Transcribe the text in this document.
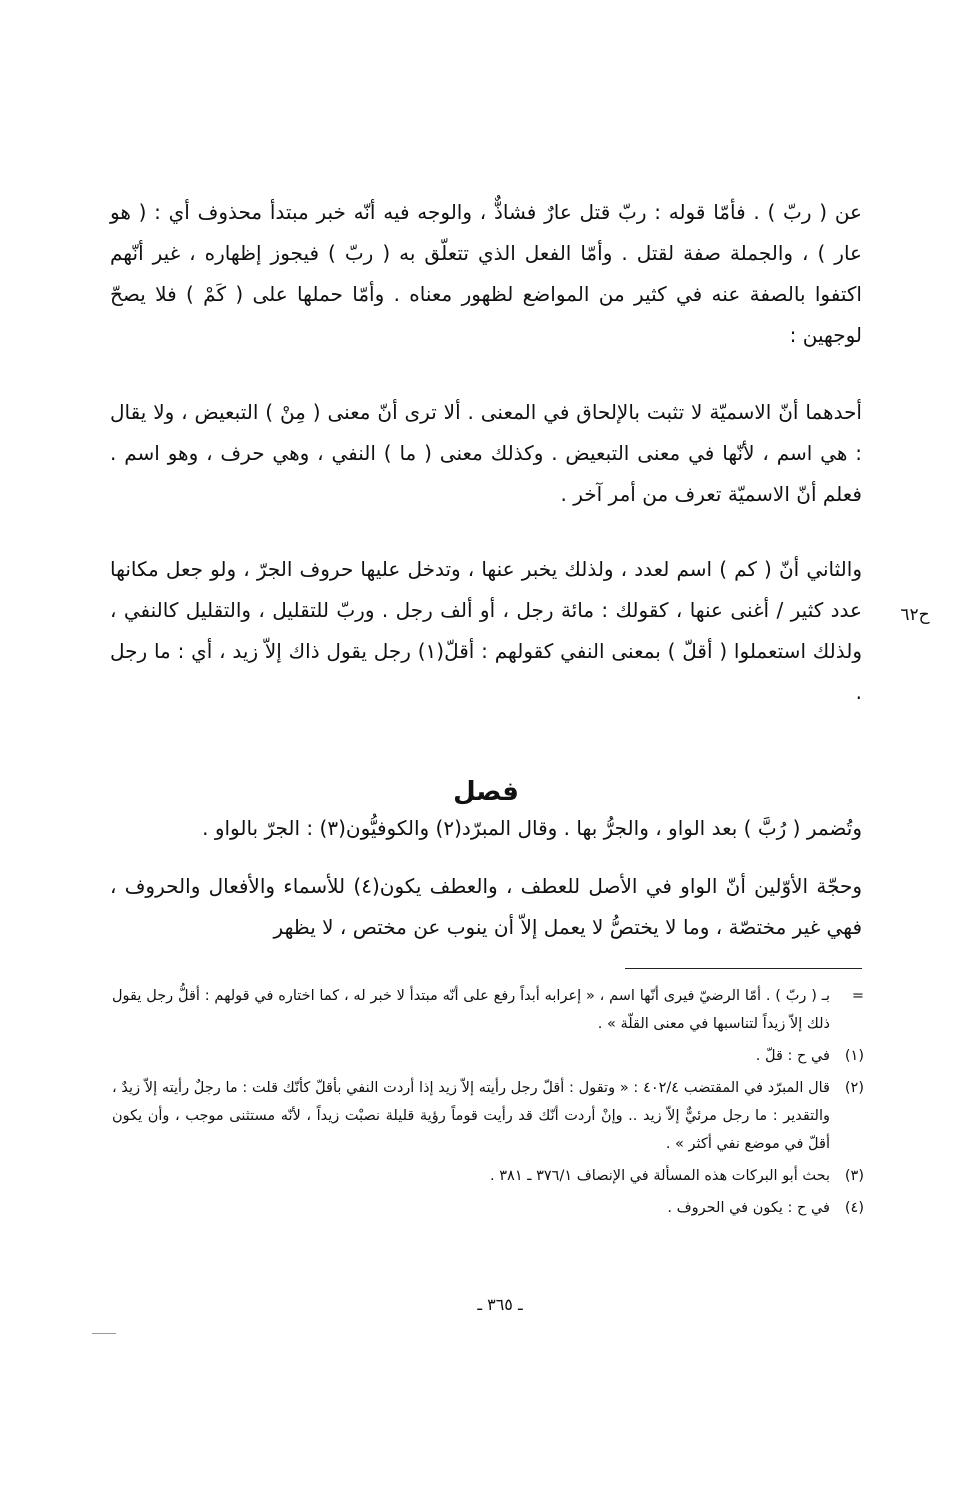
عن ( ربّ ) . فأمّا قوله : ربّ قتل عارٌ فشاذٌّ ، والوجه فيه أنّه خبر مبتدأ محذوف أي : ( هو عار ) ، والجملة صفة لقتل . وأمّا الفعل الذي تتعلّق به ( ربّ ) فيجوز إظهاره ، غير أنّهم اكتفوا بالصفة عنه في كثير من المواضع لظهور معناه . وأمّا حملها على ( كَمْ ) فلا يصحّ لوجهين :

أحدهما أنّ الاسميّة لا تثبت بالإلحاق في المعنى . ألا ترى أنّ معنى ( مِنْ ) التبعيض ، ولا يقال : هي اسم ، لأنّها في معنى التبعيض . وكذلك معنى ( ما ) النفي ، وهي حرف ، وهو اسم . فعلم أنّ الاسميّة تعرف من أمر آخر .

والثاني أنّ ( كم ) اسم لعدد ، ولذلك يخبر عنها ، وتدخل عليها حروف الجرّ ، ولو جعل مكانها عدد كثير / أغنى عنها ، كقولك : مائة رجل ، أو ألف رجل . وربّ للتقليل ، والتقليل كالنفي ، ولذلك استعملوا ( أقلّ ) بمعنى النفي كقولهم : أقلّ(١) رجل يقول ذاك إلاّ زيد ، أي : ما رجل .

ح٦٢
فصل

وتُضمر ( رُبَّ ) بعد الواو ، والجرُّ بها . وقال المبرّد(٢) والكوفيُّون(٣) : الجرّ بالواو .

وحجّة الأوّلين أنّ الواو في الأصل للعطف ، والعطف يكون(٤) للأسماء والأفعال والحروف ، فهي غير مختصّة ، وما لا يختصُّ لا يعمل إلاّ أن ينوب عن مختص ، لا يظهر

=
بـ ( ربّ ) . أمّا الرضيّ فيرى أنّها اسم ، « إعرابه أبداً رفع على أنّه مبتدأ لا خبر له ، كما اختاره في قولهم : أقلُّ رجل يقول ذلك إلاّ زيداً لتناسبها في معنى القلّة » .
(١)
في ح : قلّ .
(٢)
قال المبرّد في المقتضب ٤٠٢/٤ : « وتقول : أقلّ رجل رأيته إلاّ زيد إذا أردت النفي بأقلّ كأنّك قلت : ما رجلٌ رأيته إلاّ زيدٌ ، والتقدير : ما رجل مرئيٌّ إلاّ زيد .. وإنْ أردت أنّك قد رأيت قوماً رؤية قليلة نصبْت زيداً ، لأنّه مستثنى موجب ، وأن يكون أقلّ في موضع نفي أكثر » .
(٣)
بحث أبو البركات هذه المسألة في الإنصاف ٣٧٦/١ ـ ٣٨١ .
(٤)
في ح : يكون في الحروف .
ـ ٣٦٥ ـ
